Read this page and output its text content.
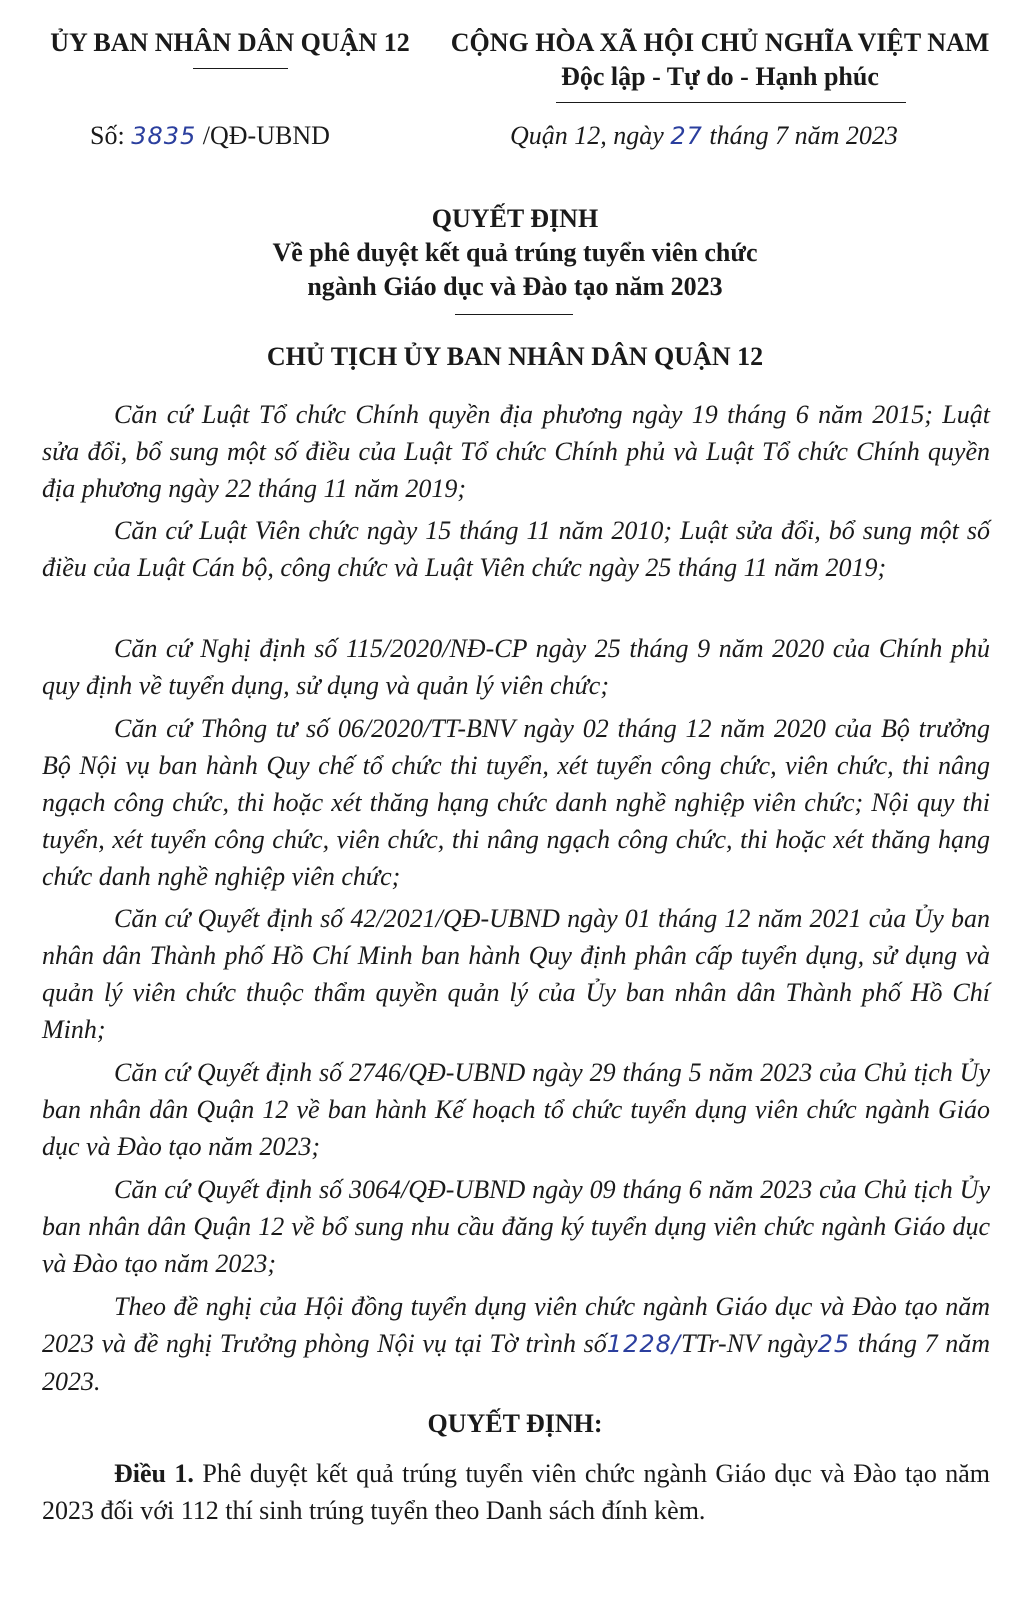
ỦY BAN NHÂN DÂN QUẬN 12	CỘNG HÒA XÃ HỘI CHỦ NGHĨA VIỆT NAM
Độc lập - Tự do - Hạnh phúc
Số: 3835 /QĐ-UBND	Quận 12, ngày 27 tháng 7 năm 2023
QUYẾT ĐỊNH
Về phê duyệt kết quả trúng tuyển viên chức
ngành Giáo dục và Đào tạo năm 2023
CHỦ TỊCH ỦY BAN NHÂN DÂN QUẬN 12

Căn cứ Luật Tổ chức Chính quyền địa phương ngày 19 tháng 6 năm 2015; Luật sửa đổi, bổ sung một số điều của Luật Tổ chức Chính phủ và Luật Tổ chức Chính quyền địa phương ngày 22 tháng 11 năm 2019;

Căn cứ Luật Viên chức ngày 15 tháng 11 năm 2010; Luật sửa đổi, bổ sung một số điều của Luật Cán bộ, công chức và Luật Viên chức ngày 25 tháng 11 năm 2019;

Căn cứ Nghị định số 115/2020/NĐ-CP ngày 25 tháng 9 năm 2020 của Chính phủ quy định về tuyển dụng, sử dụng và quản lý viên chức;

Căn cứ Thông tư số 06/2020/TT-BNV ngày 02 tháng 12 năm 2020 của Bộ trưởng Bộ Nội vụ ban hành Quy chế tổ chức thi tuyển, xét tuyển công chức, viên chức, thi nâng ngạch công chức, thi hoặc xét thăng hạng chức danh nghề nghiệp viên chức; Nội quy thi tuyển, xét tuyển công chức, viên chức, thi nâng ngạch công chức, thi hoặc xét thăng hạng chức danh nghề nghiệp viên chức;

Căn cứ Quyết định số 42/2021/QĐ-UBND ngày 01 tháng 12 năm 2021 của Ủy ban nhân dân Thành phố Hồ Chí Minh ban hành Quy định phân cấp tuyển dụng, sử dụng và quản lý viên chức thuộc thẩm quyền quản lý của Ủy ban nhân dân Thành phố Hồ Chí Minh;

Căn cứ Quyết định số 2746/QĐ-UBND ngày 29 tháng 5 năm 2023 của Chủ tịch Ủy ban nhân dân Quận 12 về ban hành Kế hoạch tổ chức tuyển dụng viên chức ngành Giáo dục và Đào tạo năm 2023;

Căn cứ Quyết định số 3064/QĐ-UBND ngày 09 tháng 6 năm 2023 của Chủ tịch Ủy ban nhân dân Quận 12 về bổ sung nhu cầu đăng ký tuyển dụng viên chức ngành Giáo dục và Đào tạo năm 2023;

Theo đề nghị của Hội đồng tuyển dụng viên chức ngành Giáo dục và Đào tạo năm 2023 và đề nghị Trưởng phòng Nội vụ tại Tờ trình số1228/TTr-NV ngày25 tháng 7 năm 2023.

QUYẾT ĐỊNH:

Điều 1. Phê duyệt kết quả trúng tuyển viên chức ngành Giáo dục và Đào tạo năm 2023 đối với 112 thí sinh trúng tuyển theo Danh sách đính kèm.
